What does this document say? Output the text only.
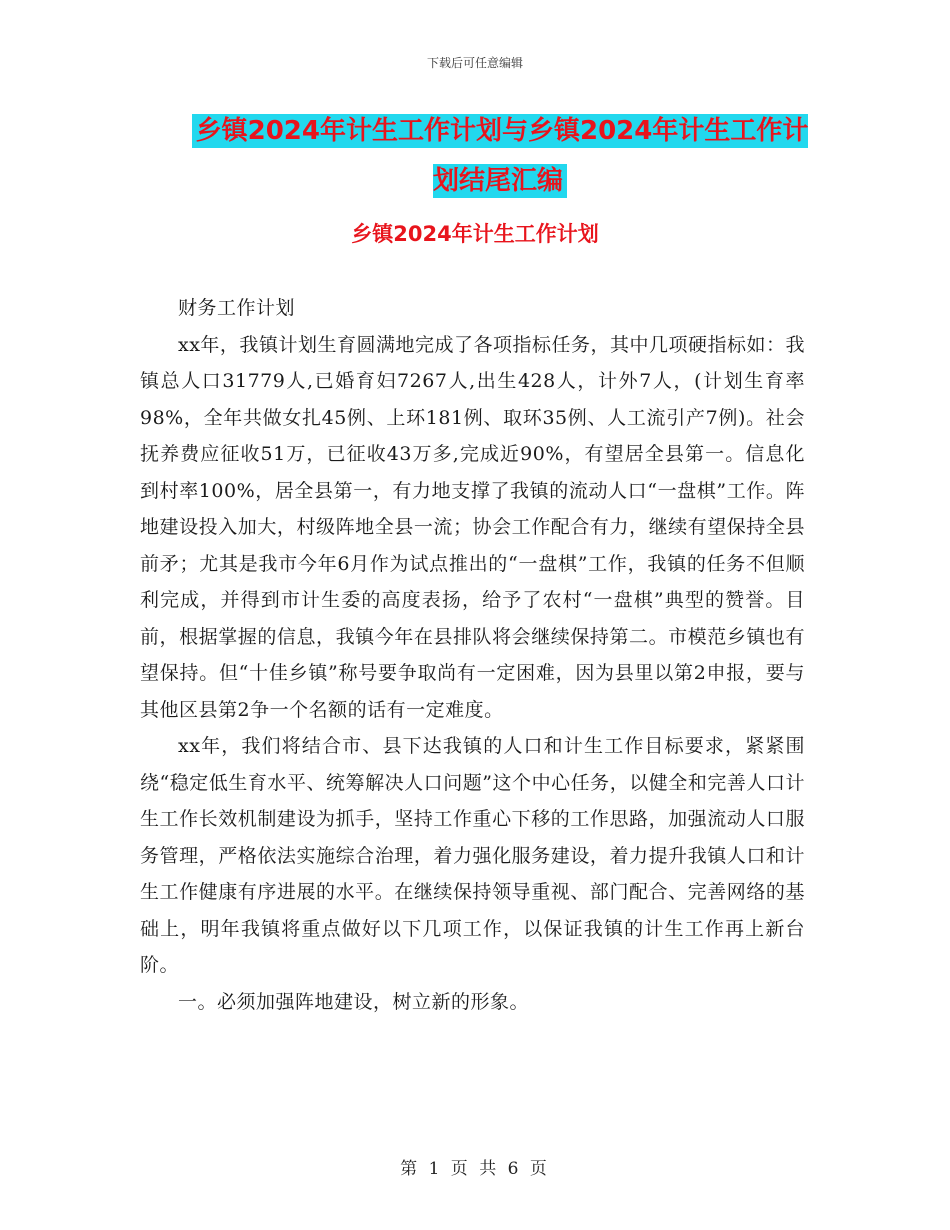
下载后可任意编辑
乡镇2024年计生工作计划与乡镇2024年计生工作计划结尾汇编
乡镇2024年计生工作计划

财务工作计划

xx年，我镇计划生育圆满地完成了各项指标任务，其中几项硬指标如：我镇总人口31779人,已婚育妇7267人,出生428人，计外7人，(计划生育率98%，全年共做女扎45例、上环181例、取环35例、人工流引产7例)。社会抚养费应征收51万，已征收43万多,完成近90%，有望居全县第一。信息化到村率100%，居全县第一，有力地支撑了我镇的流动人口“一盘棋”工作。阵地建设投入加大，村级阵地全县一流；协会工作配合有力，继续有望保持全县前矛；尤其是我市今年6月作为试点推出的“一盘棋”工作，我镇的任务不但顺利完成，并得到市计生委的高度表扬，给予了农村“一盘棋”典型的赞誉。目前，根据掌握的信息，我镇今年在县排队将会继续保持第二。市模范乡镇也有望保持。但“十佳乡镇”称号要争取尚有一定困难，因为县里以第2申报，要与其他区县第2争一个名额的话有一定难度。

xx年，我们将结合市、县下达我镇的人口和计生工作目标要求，紧紧围绕“稳定低生育水平、统筹解决人口问题”这个中心任务，以健全和完善人口计生工作长效机制建设为抓手，坚持工作重心下移的工作思路，加强流动人口服务管理，严格依法实施综合治理，着力强化服务建设，着力提升我镇人口和计生工作健康有序进展的水平。在继续保持领导重视、部门配合、完善网络的基础上，明年我镇将重点做好以下几项工作，以保证我镇的计生工作再上新台阶。

一。必须加强阵地建设，树立新的形象。

第 1 页 共 6 页
